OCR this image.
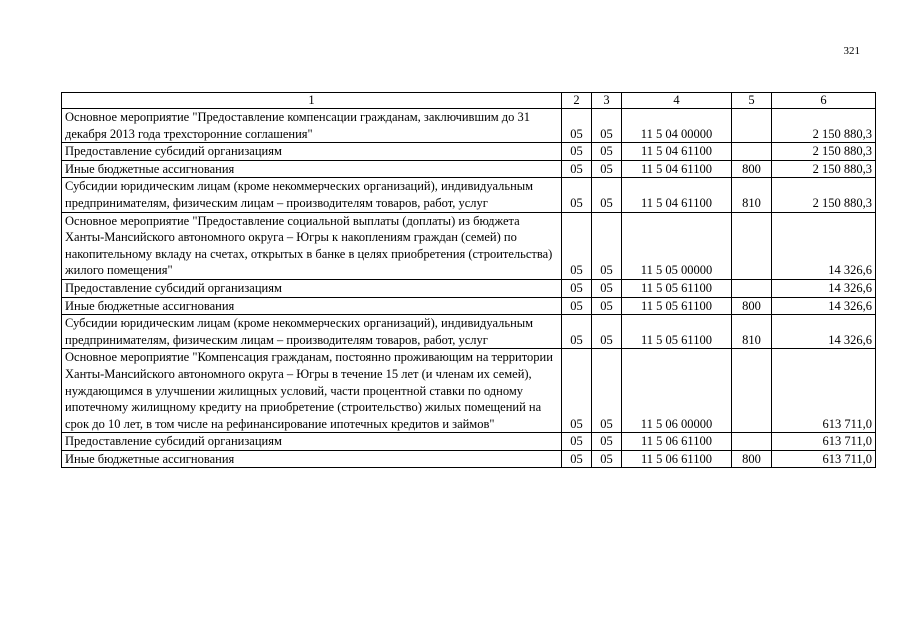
321
1	2	3	4	5	6
Основное мероприятие "Предоставление компенсации гражданам, заключившим до 31 декабря 2013 года трехсторонние соглашения"	05	05	11 5 04 00000		2 150 880,3
Предоставление субсидий организациям	05	05	11 5 04 61100		2 150 880,3
Иные бюджетные ассигнования	05	05	11 5 04 61100	800	2 150 880,3
Субсидии юридическим лицам (кроме некоммерческих организаций), индивидуальным предпринимателям, физическим лицам – производителям товаров, работ, услуг	05	05	11 5 04 61100	810	2 150 880,3
Основное мероприятие "Предоставление социальной выплаты (доплаты) из бюджета Ханты-Мансийского автономного округа – Югры к накоплениям граждан (семей) по накопительному вкладу на счетах, открытых в банке в целях приобретения (строительства) жилого помещения"	05	05	11 5 05 00000		14 326,6
Предоставление субсидий организациям	05	05	11 5 05 61100		14 326,6
Иные бюджетные ассигнования	05	05	11 5 05 61100	800	14 326,6
Субсидии юридическим лицам (кроме некоммерческих организаций), индивидуальным предпринимателям, физическим лицам – производителям товаров, работ, услуг	05	05	11 5 05 61100	810	14 326,6
Основное мероприятие "Компенсация гражданам, постоянно проживающим на территории Ханты-Мансийского автономного округа – Югры в течение 15 лет (и членам их семей), нуждающимся в улучшении жилищных условий, части процентной ставки по одному ипотечному жилищному кредиту на приобретение (строительство) жилых помещений на срок до 10 лет, в том числе на рефинансирование ипотечных кредитов и займов"	05	05	11 5 06 00000		613 711,0
Предоставление субсидий организациям	05	05	11 5 06 61100		613 711,0
Иные бюджетные ассигнования	05	05	11 5 06 61100	800	613 711,0
